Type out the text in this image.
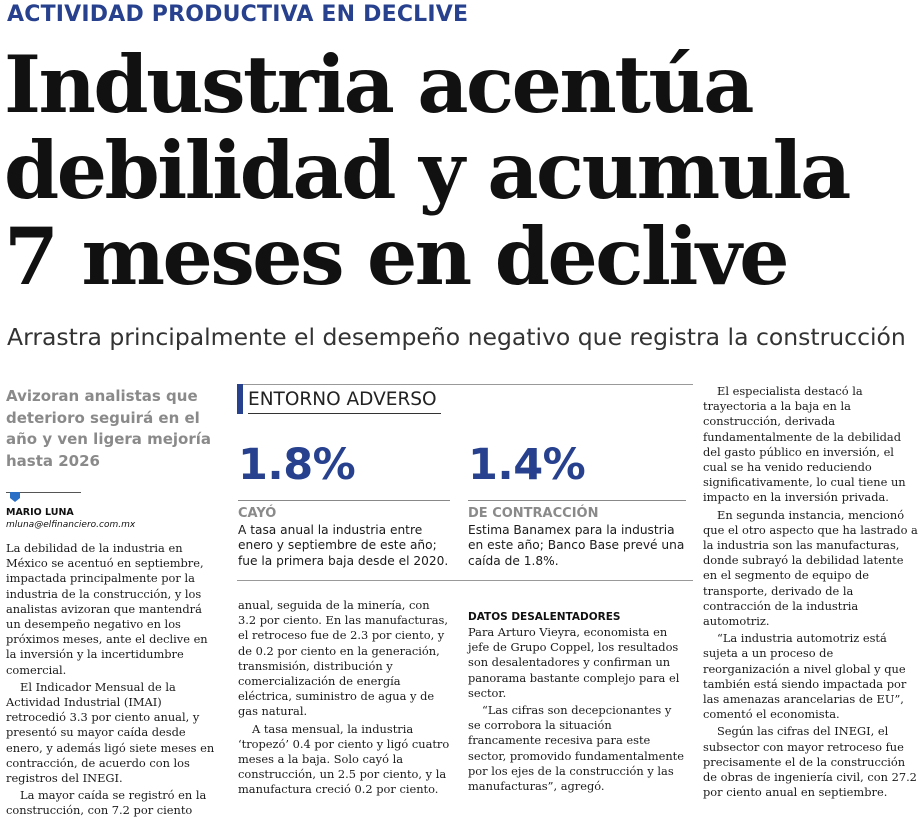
ACTIVIDAD PRODUCTIVA EN DECLIVE
Industria acentúa
debilidad y acumula
7 meses en declive
Arrastra principalmente el desempeño negativo que registra la construcción
Avizoran analistas que deterioro seguirá en el año y ven ligera mejoría hasta 2026
MARIO LUNA
mluna@elfinanciero.com.mx

La debilidad de la industria en México se acentuó en septiembre, impactada principalmente por la industria de la construcción, y los analistas avizoran que mantendrá un desempeño negativo en los próximos meses, ante el declive en la inversión y la incertidumbre comercial.

El Indicador Mensual de la Actividad Industrial (IMAI) retrocedió 3.3 por ciento anual, y presentó su mayor caída desde enero, y además ligó siete meses en contracción, de acuerdo con los registros del INEGI.

La mayor caída se registró en la construcción, con 7.2 por ciento

ENTORNO ADVERSO
1.8%
CAYÓ
A tasa anual la industria entre enero y septiembre de este año; fue la primera baja desde el 2020.
1.4%
DE CONTRACCIÓN
Estima Banamex para la industria en este año; Banco Base prevé una caída de 1.8%.

anual, seguida de la minería, con 3.2 por ciento. En las manufacturas, el retroceso fue de 2.3 por ciento, y de 0.2 por ciento en la generación, transmisión, distribución y comercialización de energía eléctrica, suministro de agua y de gas natural.

A tasa mensual, la industria ‘tropezó’ 0.4 por ciento y ligó cuatro meses a la baja. Solo cayó la construcción, un 2.5 por ciento, y la manufactura creció 0.2 por ciento.

DATOS DESALENTADORES

Para Arturo Vieyra, economista en jefe de Grupo Coppel, los resultados son desalentadores y confirman un panorama bastante complejo para el sector.

“Las cifras son decepcionantes y se corrobora la situación francamente recesiva para este sector, promovido fundamentalmente por los ejes de la construcción y las manufacturas”, agregó.

El especialista destacó la trayectoria a la baja en la construcción, derivada fundamentalmente de la debilidad del gasto público en inversión, el cual se ha venido reduciendo significativamente, lo cual tiene un impacto en la inversión privada.

En segunda instancia, mencionó que el otro aspecto que ha lastrado a la industria son las manufacturas, donde subrayó la debilidad latente en el segmento de equipo de transporte, derivado de la contracción de la industria automotriz.

“La industria automotriz está sujeta a un proceso de reorganización a nivel global y que también está siendo impactada por las amenazas arancelarias de EU”, comentó el economista.

Según las cifras del INEGI, el subsector con mayor retroceso fue precisamente el de la construcción de obras de ingeniería civil, con 27.2 por ciento anual en septiembre.
